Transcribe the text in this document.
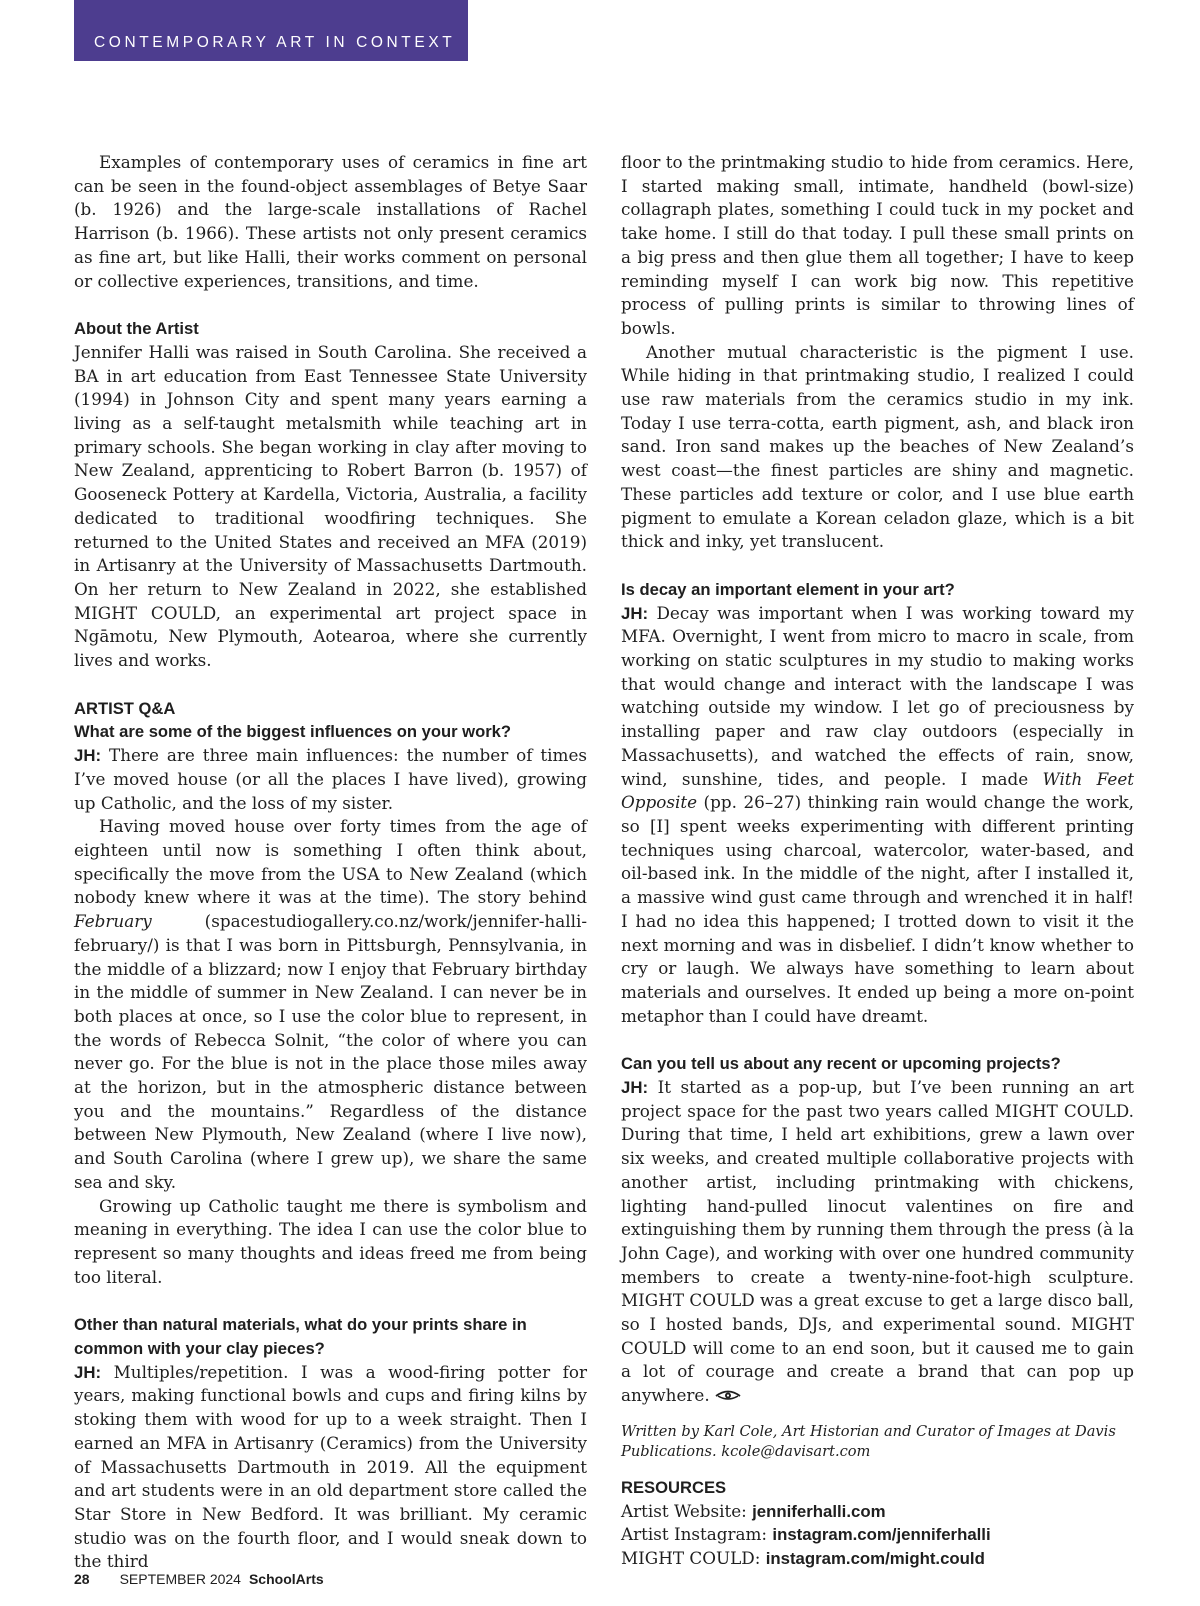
CONTEMPORARY ART IN CONTEXT

Examples of contemporary uses of ceramics in fine art can be seen in the found-object assemblages of Betye Saar (b. 1926) and the large-scale installations of Rachel Harrison (b. 1966). These artists not only present ceramics as fine art, but like Halli, their works comment on personal or collective experiences, transitions, and time.

About the Artist

Jennifer Halli was raised in South Carolina. She received a BA in art education from East Tennessee State University (1994) in Johnson City and spent many years earning a living as a self-taught metalsmith while teaching art in primary schools. She began working in clay after moving to New Zealand, apprenticing to Robert Barron (b. 1957) of Gooseneck Pottery at Kardella, Victoria, Australia, a facility dedicated to traditional woodfiring techniques. She returned to the United States and received an MFA (2019) in Artisanry at the University of Massachusetts Dartmouth. On her return to New Zealand in 2022, she established MIGHT COULD, an experimental art project space in Ngāmotu, New Plymouth, Aotearoa, where she currently lives and works.

ARTIST Q&A

What are some of the biggest influences on your work?

JH: There are three main influences: the number of times I’ve moved house (or all the places I have lived), growing up Catholic, and the loss of my sister.

Having moved house over forty times from the age of eighteen until now is something I often think about, specifically the move from the USA to New Zealand (which nobody knew where it was at the time). The story behind February (spacestudiogallery.co.nz/work/jennifer-halli-february/) is that I was born in Pittsburgh, Pennsylvania, in the middle of a blizzard; now I enjoy that February birthday in the middle of summer in New Zealand. I can never be in both places at once, so I use the color blue to represent, in the words of Rebecca Solnit, “the color of where you can never go. For the blue is not in the place those miles away at the horizon, but in the atmospheric distance between you and the mountains.” Regardless of the distance between New Plymouth, New Zealand (where I live now), and South Carolina (where I grew up), we share the same sea and sky.

Growing up Catholic taught me there is symbolism and meaning in everything. The idea I can use the color blue to represent so many thoughts and ideas freed me from being too literal.

Other than natural materials, what do your prints share in common with your clay pieces?

JH: Multiples/repetition. I was a wood-firing potter for years, making functional bowls and cups and firing kilns by stoking them with wood for up to a week straight. Then I earned an MFA in Artisanry (Ceramics) from the University of Massachusetts Dartmouth in 2019. All the equipment and art students were in an old department store called the Star Store in New Bedford. It was brilliant. My ceramic studio was on the fourth floor, and I would sneak down to the third

floor to the printmaking studio to hide from ceramics. Here, I started making small, intimate, handheld (bowl-size) collagraph plates, something I could tuck in my pocket and take home. I still do that today. I pull these small prints on a big press and then glue them all together; I have to keep reminding myself I can work big now. This repetitive process of pulling prints is similar to throwing lines of bowls.

Another mutual characteristic is the pigment I use. While hiding in that printmaking studio, I realized I could use raw materials from the ceramics studio in my ink. Today I use terra-cotta, earth pigment, ash, and black iron sand. Iron sand makes up the beaches of New Zealand’s west coast—the finest particles are shiny and magnetic. These particles add texture or color, and I use blue earth pigment to emulate a Korean celadon glaze, which is a bit thick and inky, yet translucent.

Is decay an important element in your art?

JH: Decay was important when I was working toward my MFA. Overnight, I went from micro to macro in scale, from working on static sculptures in my studio to making works that would change and interact with the landscape I was watching outside my window. I let go of preciousness by installing paper and raw clay outdoors (especially in Massachusetts), and watched the effects of rain, snow, wind, sunshine, tides, and people. I made With Feet Opposite (pp. 26–27) thinking rain would change the work, so [I] spent weeks experimenting with different printing techniques using charcoal, watercolor, water-based, and oil-based ink. In the middle of the night, after I installed it, a massive wind gust came through and wrenched it in half! I had no idea this happened; I trotted down to visit it the next morning and was in disbelief. I didn’t know whether to cry or laugh. We always have something to learn about materials and ourselves. It ended up being a more on-point metaphor than I could have dreamt.

Can you tell us about any recent or upcoming projects?

JH: It started as a pop-up, but I’ve been running an art project space for the past two years called MIGHT COULD. During that time, I held art exhibitions, grew a lawn over six weeks, and created multiple collaborative projects with another artist, including printmaking with chickens, lighting hand-pulled linocut valentines on fire and extinguishing them by running them through the press (à la John Cage), and working with over one hundred community members to create a twenty-nine-foot-high sculpture. MIGHT COULD was a great excuse to get a large disco ball, so I hosted bands, DJs, and experimental sound. MIGHT COULD will come to an end soon, but it caused me to gain a lot of courage and create a brand that can pop up anywhere.

Written by Karl Cole, Art Historian and Curator of Images at Davis Publications. kcole@davisart.com

RESOURCES

Artist Website: jenniferhalli.com

Artist Instagram: instagram.com/jenniferhalli

MIGHT COULD: instagram.com/might.could

28 SEPTEMBER 2024 SchoolArts
